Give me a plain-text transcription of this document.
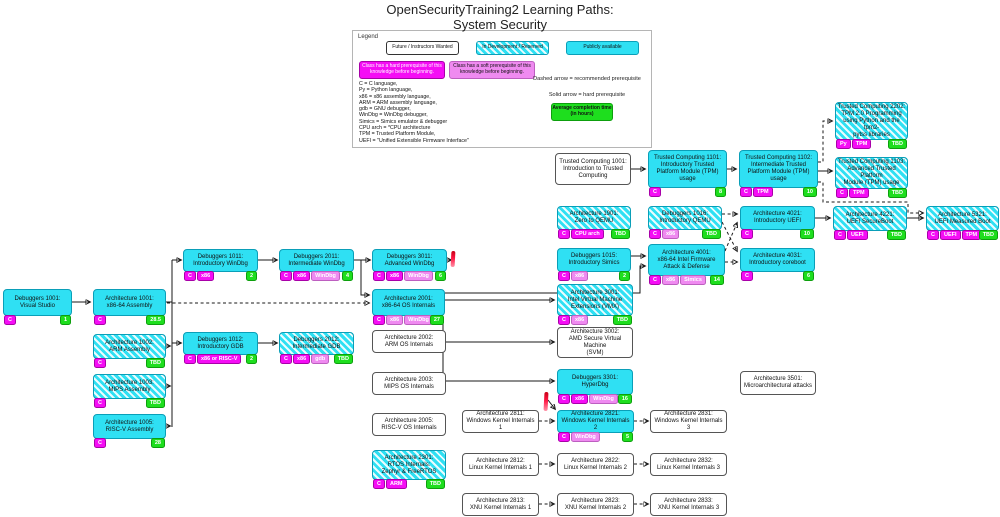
OpenSecurityTraining2 Learning Paths:
System Security
Legend
Future / Instructors Wanted	In Development / Reserved	Publicly available
Class has a hard prerequisite of this knowledge before beginning.
Class has a soft prerequisite of this knowledge before beginning.
Dashed arrow = recommended prerequisite
Solid arrow = hard prerequisite
Average completion time (in hours)
C = C language,
Py = Python language,
x86 = x86 assembly language,
ARM = ARM assembly language,
gdb = GNU debugger,
WinDbg = WinDbg debugger,
Simics = Simics emulator & debugger
CPU arch = *CPU architecture
TPM = Trusted Platform Module,
UEFI = "Unified Extensible Firmware Interface"
Debuggers 1001:
Visual Studio
C	1
Architecture 1001:
x86-64 Assembly
C	28.5
Architecture 1002:
ARM Assembly
C	TBD
Architecture 1003:
MIPS Assembly
C	TBD
Architecture 1005:
RISC-V Assembly
C	28
Debuggers 1011:
Introductory WinDbg
C	x86	2
Debuggers 2011:
Intermediate WinDbg
C	x86	WinDbg	4
Debuggers 3011:
Advanced WinDbg
C	x86	WinDbg	6
Debuggers 1012:
Introductory GDB
C	x86 or RISC-V	2
Debuggers 2012:
Intermediate GDB
C	x86	gdb	TBD
Architecture 2001:
x86-64 OS Internals
C	x86	WinDbg 27
Architecture 2002:
ARM OS Internals
Architecture 2003:
MIPS OS Internals
Architecture 2005:
RISC-V OS Internals
Architecture 2301:
RTOS Internals:
Zephyr & FreeRTOS
C	ARM	TBD
Trusted Computing 1001:
Introduction to Trusted
Computing
Trusted Computing 1101:
Introductory Trusted
Platform Module (TPM)
usage
C	8
Trusted Computing 1102:
Intermediate Trusted
Platform Module (TPM)
usage
C	TPM	10
Trusted Computing 2202:
TPM 2.0 Programming
using Python and the tpm2-
pytss libraries
Py	TPM	TBD
Trusted Computing 1103:
Advanced Trusted Platform
Module (TPM) usage
C	TPM	TBD
Architecture 1901:
Zero to QEMU
C	CPU arch	TBD
Debuggers 1016:
Introductory QEMU
C	x86	TBD
Architecture 4021:
Introductory UEFI
C	10
Architecture 4221:
UEFI SecureBoot
C	UEFI	TBD
Architecture 5321:
UEFI Measured Boot
C	UEFI	TPM	TBD
Debuggers 1015:
Introductory Simics
C	x86	2
Architecture 4001:
x86-64 Intel Firmware
Attack & Defense
C	x86	Simics	14
Architecture 4031:
Introductory coreboot
C	6
Architecture 3001:
Intel Virtual Machine
Extensions (VMX)
C	x86	TBD
Architecture 3002:
AMD Secure Virtual Machine
(SVM)
Debuggers 3301:
HyperDbg
C	x86	WinDbg	16
Architecture 3501:
Microarchitectural attacks
Architecture 2811:
Windows Kernel Internals 1
Architecture 2821:
Windows Kernel Internals 2
C	WinDbg	5
Architecture 2831:
Windows Kernel Internals 3
Architecture 2812:
Linux Kernel Internals 1
Architecture 2822:
Linux Kernel Internals 2
Architecture 2832:
Linux Kernel Internals 3
Architecture 2813:
XNU Kernel Internals 1
Architecture 2823:
XNU Kernel Internals 2
Architecture 2833:
XNU Kernel Internals 3
